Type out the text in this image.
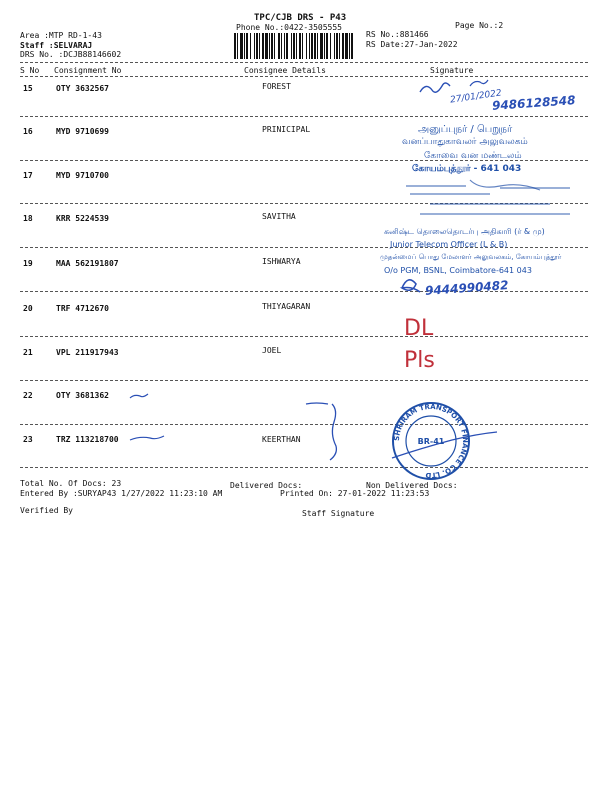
TPC/CJB DRS - P43
Phone No.:0422-3505555	Page No.:2
Area :MTP RD-1-43
Staff :SELVARAJ
DRS No. :DCJB88146602
RS No.:881466
RS Date:27-Jan-2022
S No Consignment No	Consignee Details	Signature
15	OTY 3632567	FOREST
16	MYD 9710699	PRINICIPAL
17	MYD 9710700
18	KRR 5224539	SAVITHA
19	MAA 562191807	ISHWARYA
20	TRF 4712670	THIYAGARAN
21	VPL 211917943	JOEL
22	OTY 3681362
23	TRZ 113218700	KEERTHAN
Total No. Of Docs: 23	Delivered Docs:	Non Delivered Docs:
Entered By :SURYAP43 1/27/2022 11:23:10 AM	Printed On: 27-01-2022 11:23:53
Verified By	Staff Signature
27/01/2022
9486128548
9444990482
DL
Pls
அனுப்புநர் / பெறுநர்
வனப்பாதுகாவலர் அலுவலகம்
கோவை வன மண்டலம்
கோயம்புத்தூர் - 641 043
கனிஷ்ட தொலைதொடர்பு அதிகாரி (ர் & மு)
Junior Telecom Officer (L & B)
முதன்மைப் பொது மேலாளர் அலுவலகம், கோயம்புத்தூர்
O/o PGM, BSNL, Coimbatore-641 043
SHRIRAM TRANSPORT FINANCE CO. LTD
BR-41
